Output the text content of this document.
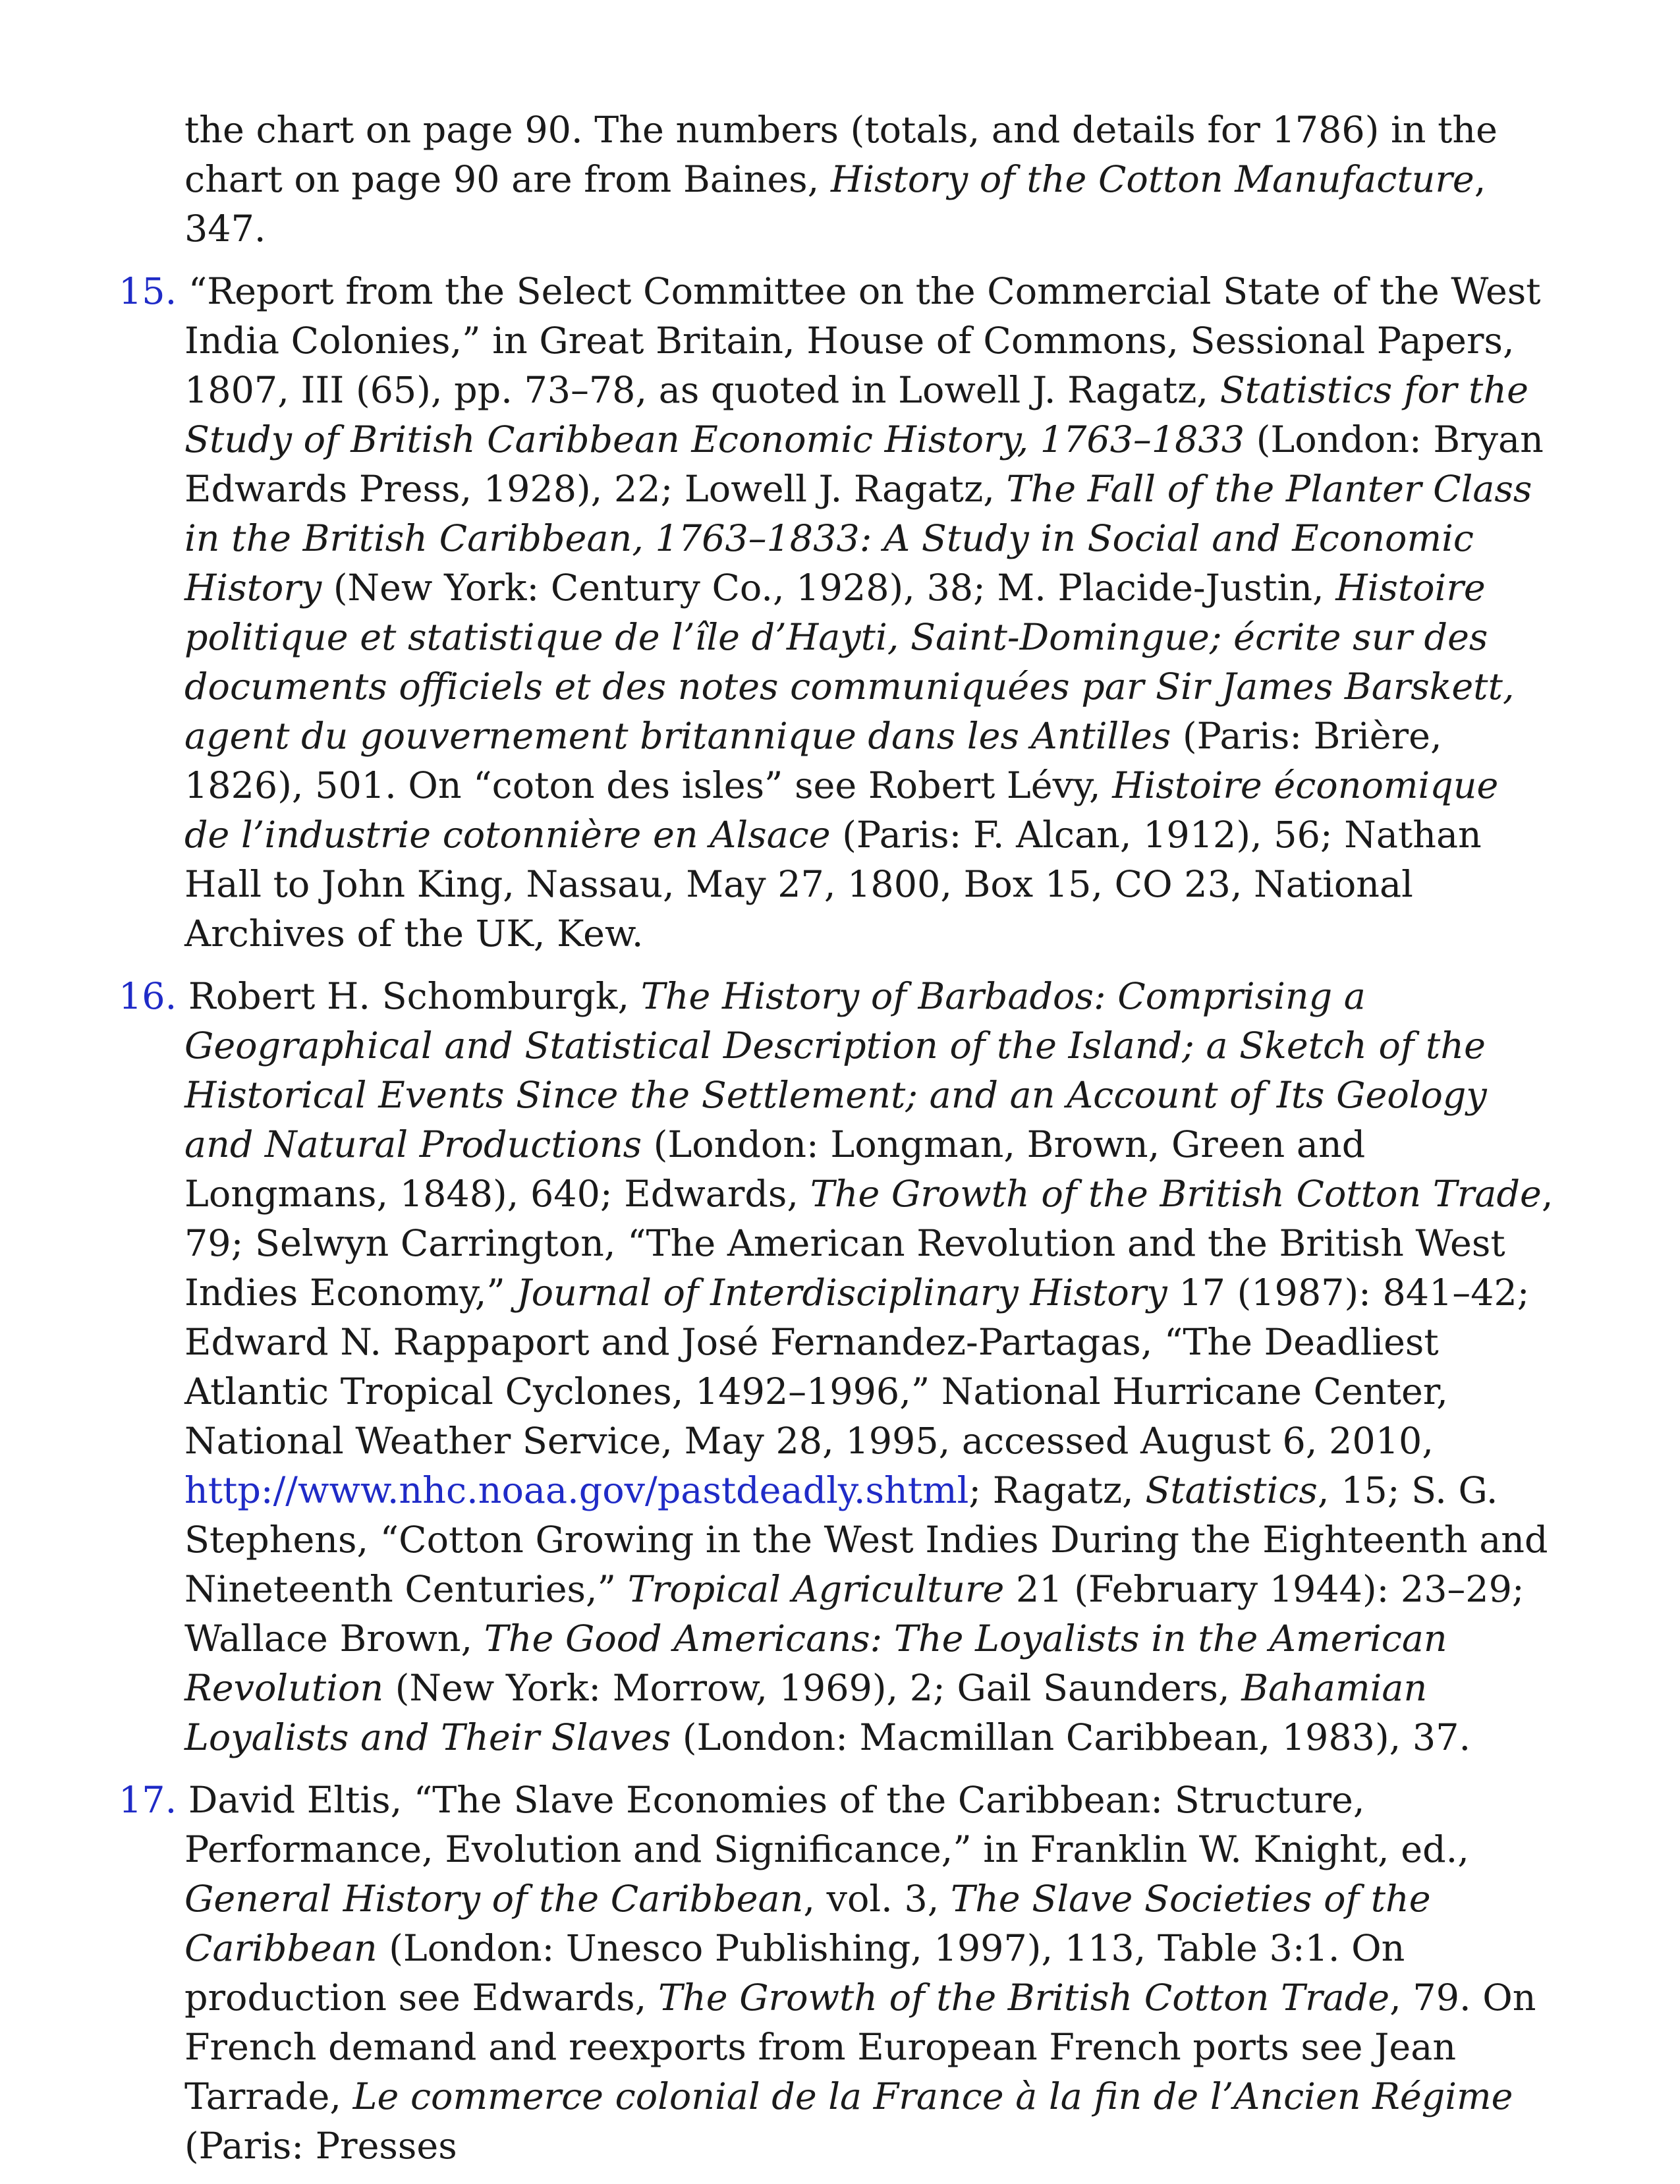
the chart on page 90. The numbers (totals, and details for 1786) in the chart on page 90 are from Baines, History of the Cotton Manufacture, 347.

15. “Report from the Select Committee on the Commercial State of the West India Colonies,” in Great Britain, House of Commons, Sessional Papers, 1807, III (65), pp. 73–78, as quoted in Lowell J. Ragatz, Statistics for the Study of British Caribbean Economic History, 1763–1833 (London: Bryan Edwards Press, 1928), 22; Lowell J. Ragatz, The Fall of the Planter Class in the British Caribbean, 1763–1833: A Study in Social and Economic History (New York: Century Co., 1928), 38; M. Placide-Justin, Histoire politique et statistique de l’île d’Hayti, Saint-Domingue; écrite sur des documents officiels et des notes communiquées par Sir James Barskett, agent du gouvernement britannique dans les Antilles (Paris: Brière, 1826), 501. On “coton des isles” see Robert Lévy, Histoire économique de l’industrie cotonnière en Alsace (Paris: F. Alcan, 1912), 56; Nathan Hall to John King, Nassau, May 27, 1800, Box 15, CO 23, National Archives of the UK, Kew.

16. Robert H. Schomburgk, The History of Barbados: Comprising a Geographical and Statistical Description of the Island; a Sketch of the Historical Events Since the Settlement; and an Account of Its Geology and Natural Productions (London: Longman, Brown, Green and Longmans, 1848), 640; Edwards, The Growth of the British Cotton Trade, 79; Selwyn Carrington, “The American Revolution and the British West Indies Economy,” Journal of Interdisciplinary History 17 (1987): 841–42; Edward N. Rappaport and José Fernandez-Partagas, “The Deadliest Atlantic Tropical Cyclones, 1492–1996,” National Hurricane Center, National Weather Service, May 28, 1995, accessed August 6, 2010,
http://www.nhc.noaa.gov/pastdeadly.shtml; Ragatz, Statistics, 15; S. G. Stephens, “Cotton Growing in the West Indies During the Eighteenth and Nineteenth Centuries,” Tropical Agriculture 21 (February 1944): 23–29; Wallace Brown, The Good Americans: The Loyalists in the American Revolution (New York: Morrow, 1969), 2; Gail Saunders, Bahamian Loyalists and Their Slaves (London: Macmillan Caribbean, 1983), 37.

17. David Eltis, “The Slave Economies of the Caribbean: Structure, Performance, Evolution and Significance,” in Franklin W. Knight, ed., General History of the Caribbean, vol. 3, The Slave Societies of the Caribbean (London: Unesco Publishing, 1997), 113, Table 3:1. On production see Edwards, The Growth of the British Cotton Trade, 79. On French demand and reexports from European French ports see Jean Tarrade, Le commerce colonial de la France à la fin de l’Ancien Régime (Paris: Presses
